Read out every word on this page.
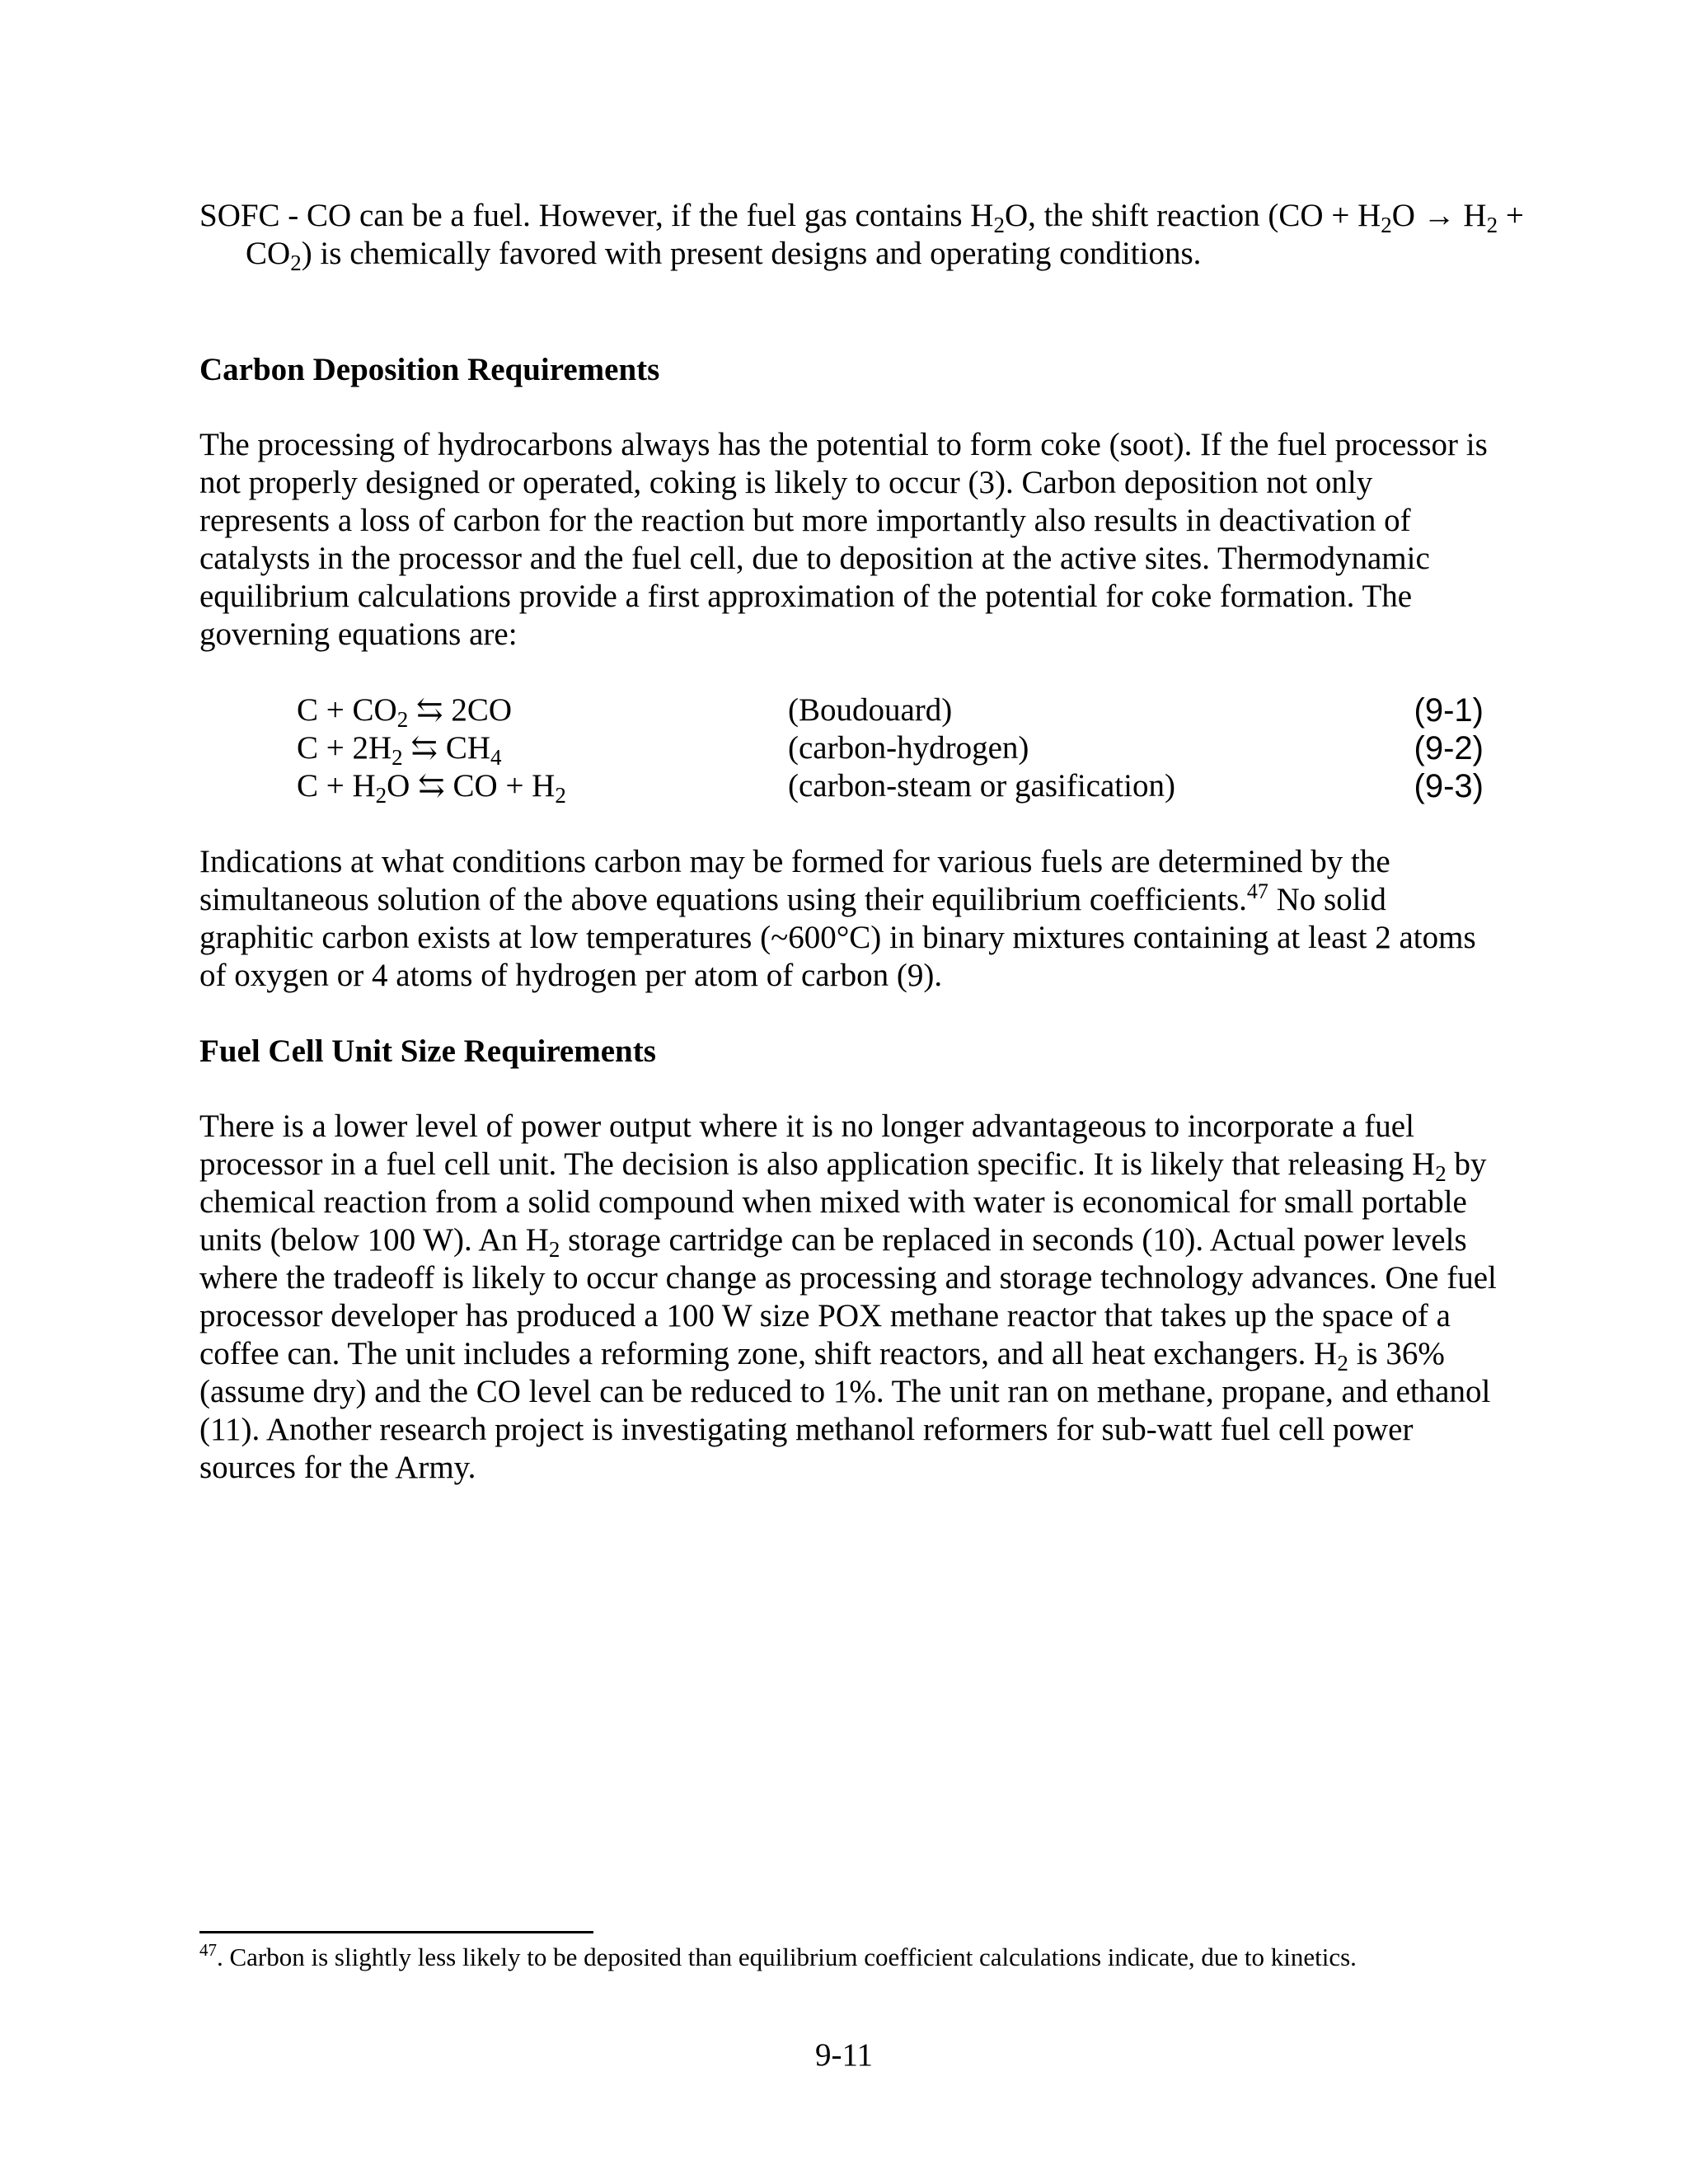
SOFC - CO can be a fuel. However, if the fuel gas contains $H_2O$, the shift reaction $(CO + H_2O \to H_2 + CO_2)$ is chemically favored with present designs and operating conditions.

Carbon Deposition Requirements

The processing of hydrocarbons always has the potential to form coke (soot). If the fuel processor is not properly designed or operated, coking is likely to occur (3). Carbon deposition not only represents a loss of carbon for the reaction but more importantly also results in deactivation of catalysts in the processor and the fuel cell, due to deposition at the active sites. Thermodynamic equilibrium calculations provide a first approximation of the potential for coke formation. The governing equations are:

$C + CO_2$ ⇆ 2CO	(Boudouard)	(9-1)
$C + 2H_2$ ⇆ $CH_4$	(carbon-hydrogen)	(9-2)
$C + H_2O$ ⇆ CO + $H_2$	(carbon-steam or gasification)	(9-3)

Indications at what conditions carbon may be formed for various fuels are determined by the simultaneous solution of the above equations using their equilibrium coefficients.$^{47}$ No solid graphitic carbon exists at low temperatures (~600°C) in binary mixtures containing at least 2 atoms of oxygen or 4 atoms of hydrogen per atom of carbon (9).

Fuel Cell Unit Size Requirements

There is a lower level of power output where it is no longer advantageous to incorporate a fuel processor in a fuel cell unit. The decision is also application specific. It is likely that releasing $H_2$ by chemical reaction from a solid compound when mixed with water is economical for small portable units (below 100 W). An $H_2$ storage cartridge can be replaced in seconds (10). Actual power levels where the tradeoff is likely to occur change as processing and storage technology advances. One fuel processor developer has produced a 100 W size POX methane reactor that takes up the space of a coffee can. The unit includes a reforming zone, shift reactors, and all heat exchangers. $H_2$ is 36% (assume dry) and the CO level can be reduced to 1%. The unit ran on methane, propane, and ethanol (11). Another research project is investigating methanol reformers for sub-watt fuel cell power sources for the Army.

$^{47}$. Carbon is slightly less likely to be deposited than equilibrium coefficient calculations indicate, due to kinetics.
9-11
